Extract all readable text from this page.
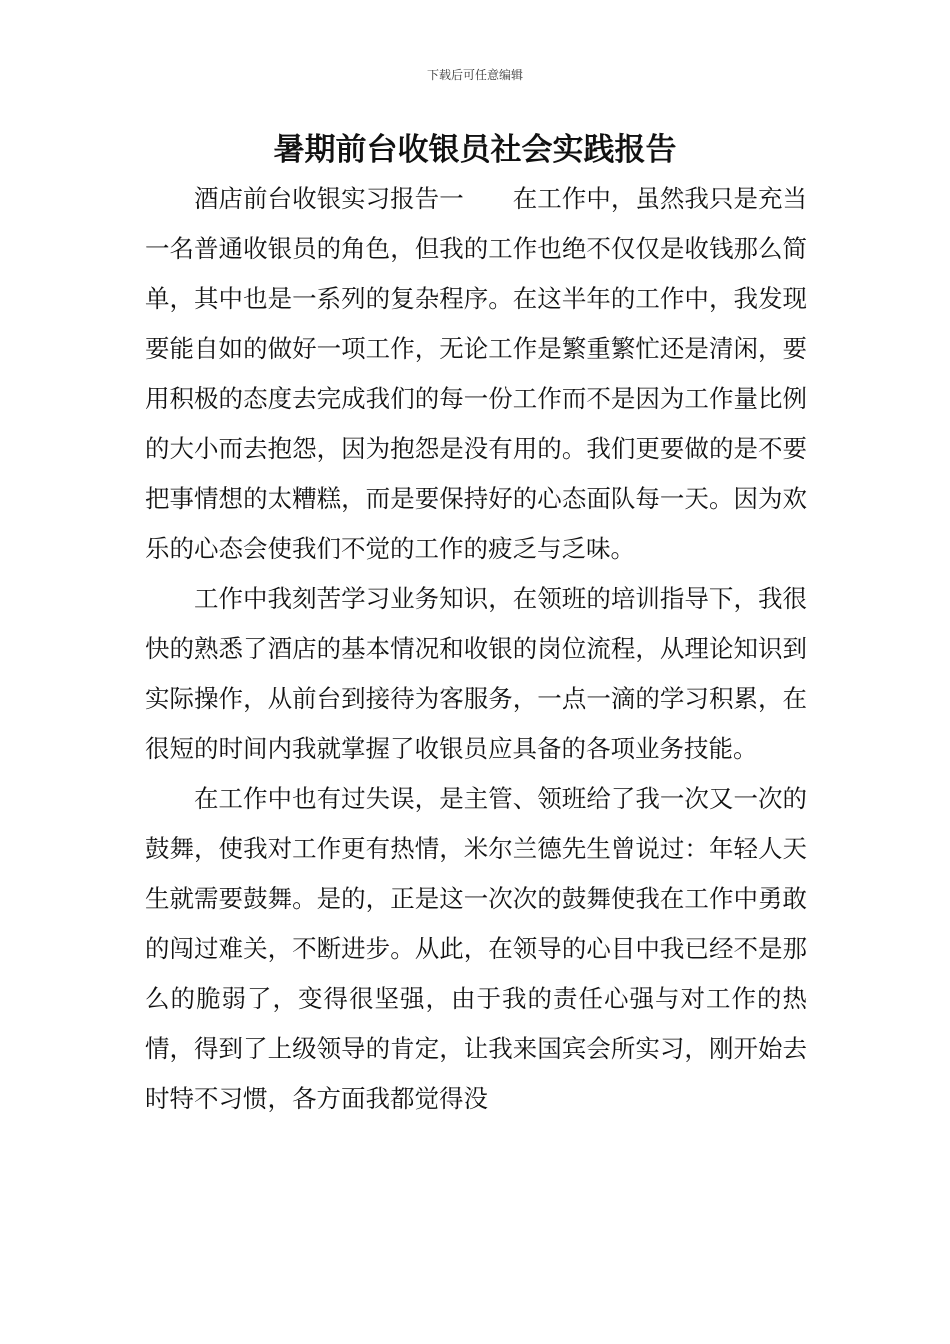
下载后可任意编辑
暑期前台收银员社会实践报告

酒店前台收银实习报告一　　在工作中，虽然我只是充当一名普通收银员的角色，但我的工作也绝不仅仅是收钱那么简单，其中也是一系列的复杂程序。在这半年的工作中，我发现要能自如的做好一项工作，无论工作是繁重繁忙还是清闲，要用积极的态度去完成我们的每一份工作而不是因为工作量比例的大小而去抱怨，因为抱怨是没有用的。我们更要做的是不要把事情想的太糟糕，而是要保持好的心态面队每一天。因为欢乐的心态会使我们不觉的工作的疲乏与乏味。

工作中我刻苦学习业务知识，在领班的培训指导下，我很快的熟悉了酒店的基本情况和收银的岗位流程，从理论知识到实际操作，从前台到接待为客服务，一点一滴的学习积累，在很短的时间内我就掌握了收银员应具备的各项业务技能。

在工作中也有过失误，是主管、领班给了我一次又一次的鼓舞，使我对工作更有热情，米尔兰德先生曾说过：年轻人天生就需要鼓舞。是的，正是这一次次的鼓舞使我在工作中勇敢的闯过难关，不断进步。从此，在领导的心目中我已经不是那么的脆弱了，变得很坚强，由于我的责任心强与对工作的热情，得到了上级领导的肯定，让我来国宾会所实习，刚开始去时特不习惯，各方面我都觉得没
